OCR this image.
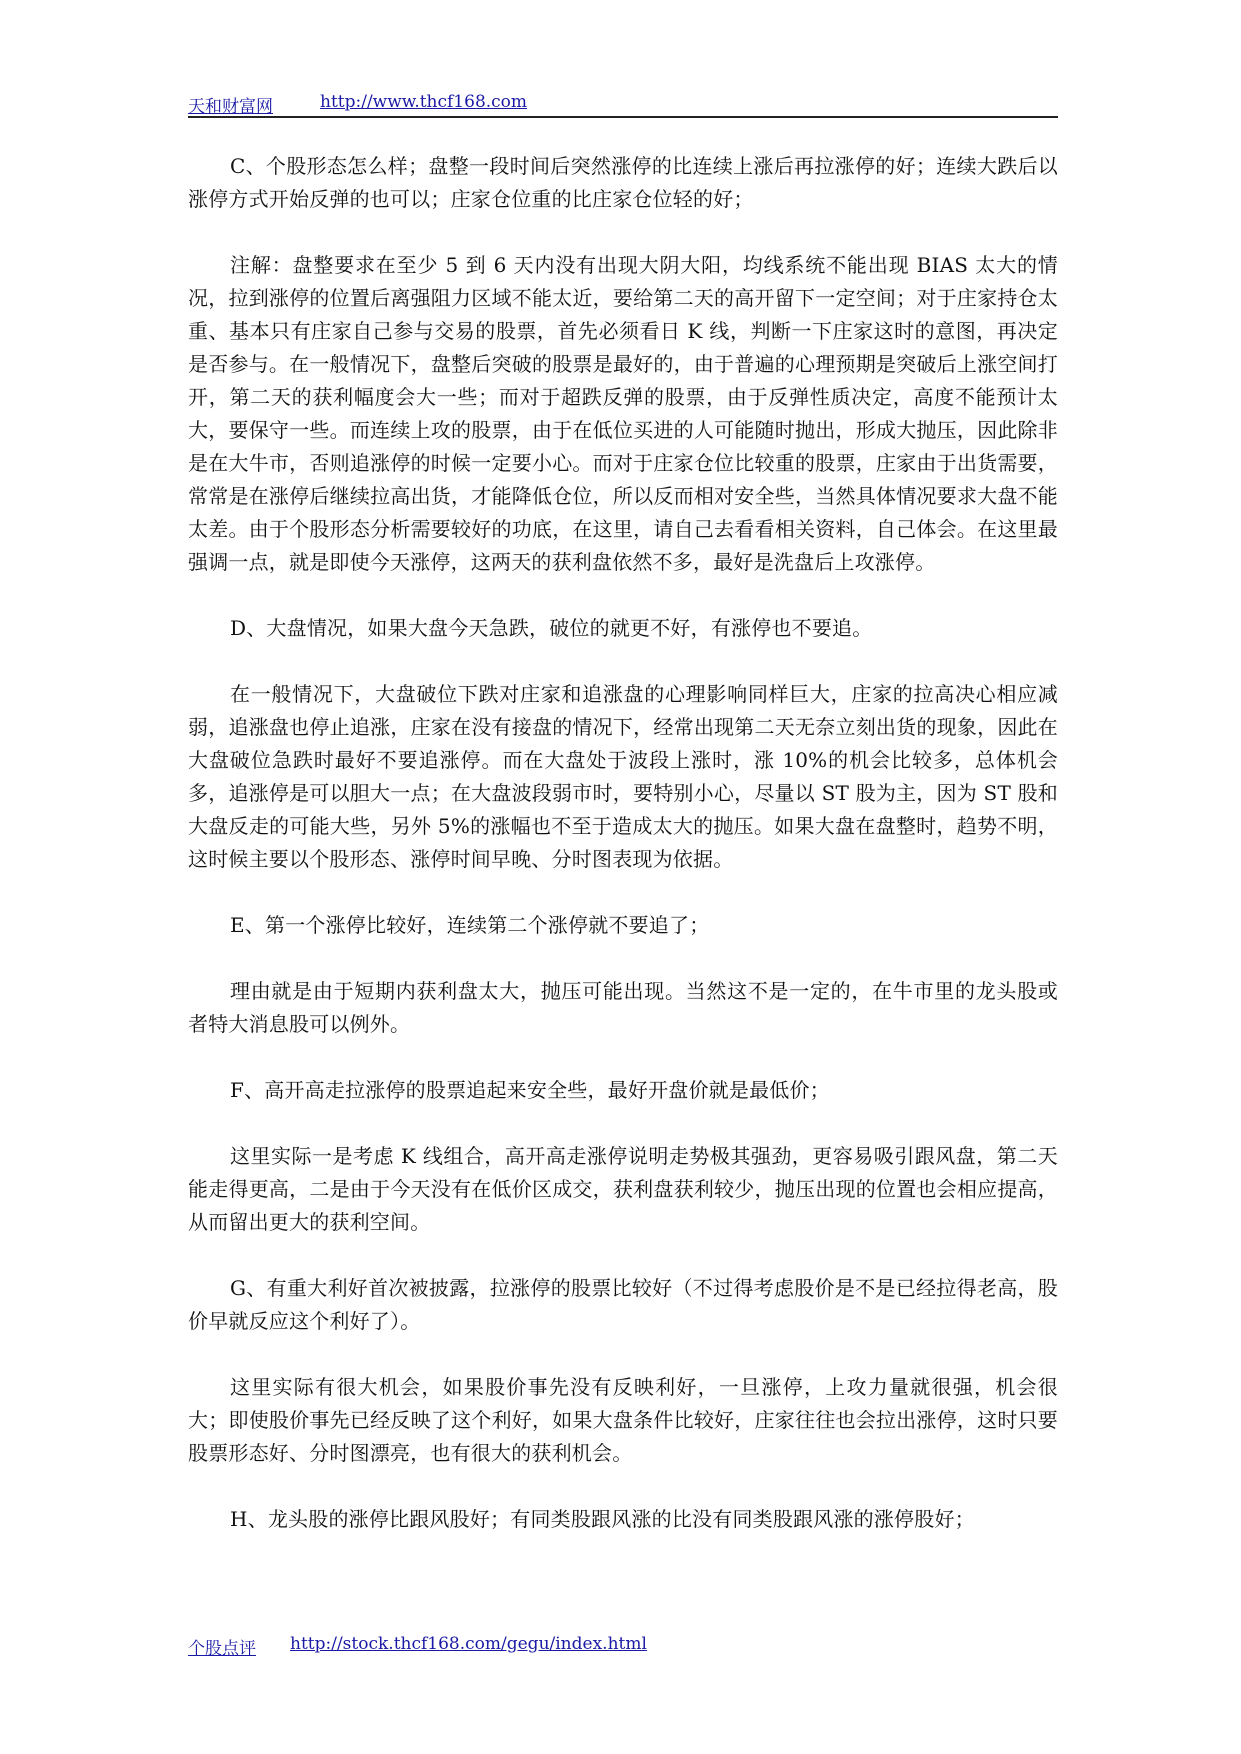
天和财富网	http://www.thcf168.com

C、个股形态怎么样；盘整一段时间后突然涨停的比连续上涨后再拉涨停的好；连续大跌后以涨停方式开始反弹的也可以；庄家仓位重的比庄家仓位轻的好；

注解：盘整要求在至少 5 到 6 天内没有出现大阴大阳，均线系统不能出现 BIAS 太大的情况，拉到涨停的位置后离强阻力区域不能太近，要给第二天的高开留下一定空间；对于庄家持仓太重、基本只有庄家自己参与交易的股票，首先必须看日 K 线，判断一下庄家这时的意图，再决定是否参与。在一般情况下，盘整后突破的股票是最好的，由于普遍的心理预期是突破后上涨空间打开，第二天的获利幅度会大一些；而对于超跌反弹的股票，由于反弹性质决定，高度不能预计太大，要保守一些。而连续上攻的股票，由于在低位买进的人可能随时抛出，形成大抛压，因此除非是在大牛市，否则追涨停的时候一定要小心。而对于庄家仓位比较重的股票，庄家由于出货需要，常常是在涨停后继续拉高出货，才能降低仓位，所以反而相对安全些，当然具体情况要求大盘不能太差。由于个股形态分析需要较好的功底，在这里，请自己去看看相关资料，自己体会。在这里最强调一点，就是即使今天涨停，这两天的获利盘依然不多，最好是洗盘后上攻涨停。

D、大盘情况，如果大盘今天急跌，破位的就更不好，有涨停也不要追。

在一般情况下，大盘破位下跌对庄家和追涨盘的心理影响同样巨大，庄家的拉高决心相应减弱，追涨盘也停止追涨，庄家在没有接盘的情况下，经常出现第二天无奈立刻出货的现象，因此在大盘破位急跌时最好不要追涨停。而在大盘处于波段上涨时，涨 10%的机会比较多，总体机会多，追涨停是可以胆大一点；在大盘波段弱市时，要特别小心，尽量以 ST 股为主，因为 ST 股和大盘反走的可能大些，另外 5%的涨幅也不至于造成太大的抛压。如果大盘在盘整时，趋势不明，这时候主要以个股形态、涨停时间早晚、分时图表现为依据。

E、第一个涨停比较好，连续第二个涨停就不要追了；

理由就是由于短期内获利盘太大，抛压可能出现。当然这不是一定的，在牛市里的龙头股或者特大消息股可以例外。

F、高开高走拉涨停的股票追起来安全些，最好开盘价就是最低价；

这里实际一是考虑 K 线组合，高开高走涨停说明走势极其强劲，更容易吸引跟风盘，第二天能走得更高，二是由于今天没有在低价区成交，获利盘获利较少，抛压出现的位置也会相应提高，从而留出更大的获利空间。

G、有重大利好首次被披露，拉涨停的股票比较好（不过得考虑股价是不是已经拉得老高，股价早就反应这个利好了）。

这里实际有很大机会，如果股价事先没有反映利好，一旦涨停，上攻力量就很强，机会很大；即使股价事先已经反映了这个利好，如果大盘条件比较好，庄家往往也会拉出涨停，这时只要股票形态好、分时图漂亮，也有很大的获利机会。

H、龙头股的涨停比跟风股好；有同类股跟风涨的比没有同类股跟风涨的涨停股好；

个股点评 http://stock.thcf168.com/gegu/index.html
